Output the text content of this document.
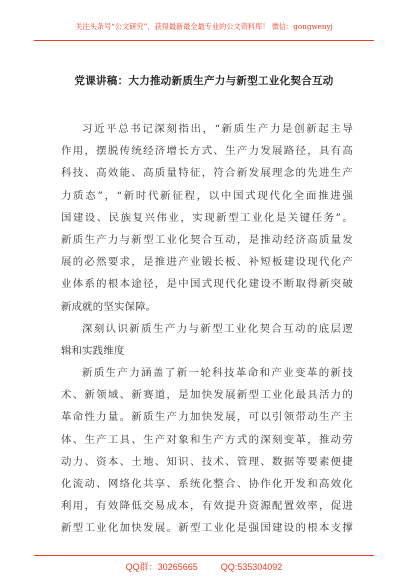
关注头条号“公文研究”，获得最新最全最专业的公文资料库！ 微信：gongwenyj
党课讲稿：大力推动新质生产力与新型工业化契合互动
习近平总书记深刻指出，“新质生产力是创新起主导
作用，摆脱传统经济增长方式、生产力发展路径，具有高
科技、高效能、高质量特征，符合新发展理念的先进生产
力质态”，“新时代新征程，以中国式现代化全面推进强
国建设、民族复兴伟业，实现新型工业化是关键任务”。
新质生产力与新型工业化契合互动，是推动经济高质量发
展的必然要求，是推进产业锻长板、补短板建设现代化产
业体系的根本途径，是中国式现代化建设不断取得新突破
新成就的坚实保障。
深刻认识新质生产力与新型工业化契合互动的底层逻
辑和实践维度
新质生产力涵盖了新一轮科技革命和产业变革的新技
术、新领域、新赛道，是加快发展新型工业化最具活力的
革命性力量。新质生产力加快发展，可以引领带动生产主
体、生产工具、生产对象和生产方式的深刻变革，推动劳
动力、资本、土地、知识、技术、管理、数据等要素便捷
化流动、网络化共享、系统化整合、协作化开发和高效化
利用，有效降低交易成本，有效提升资源配置效率，促进
新型工业化加快发展。新型工业化是强国建设的根本支撑
QQ群：30265665	QQ:535304092
